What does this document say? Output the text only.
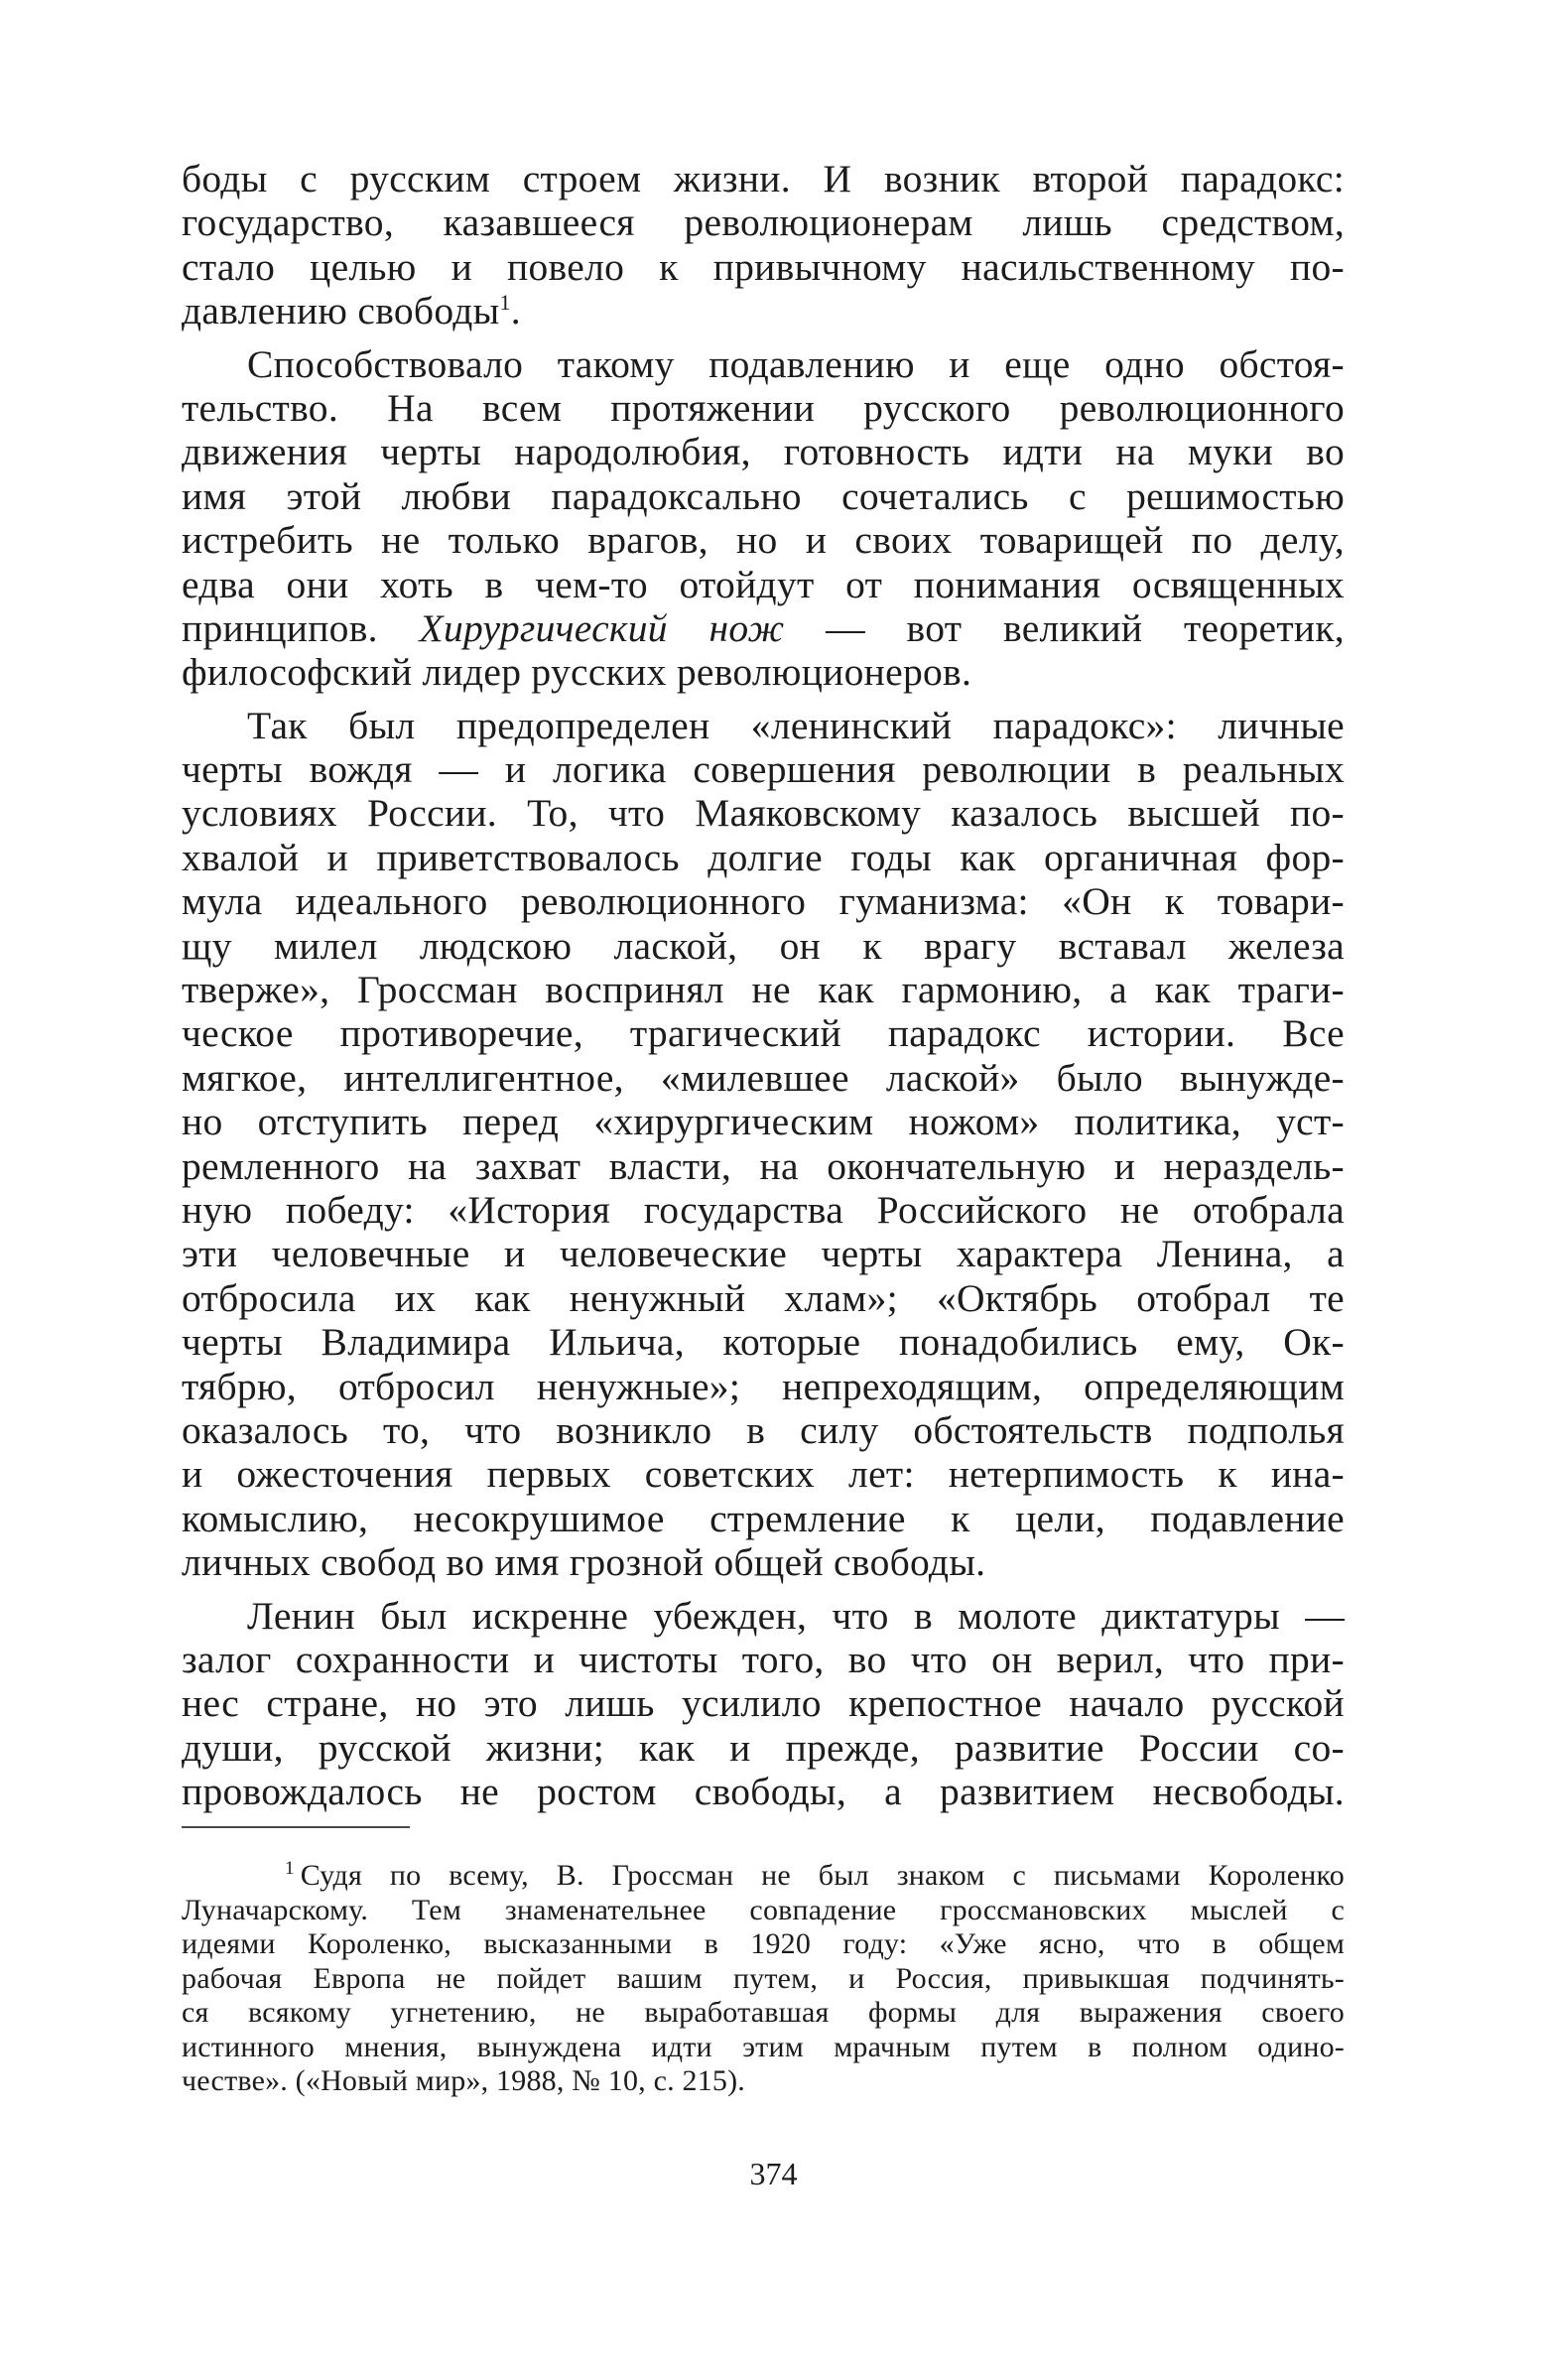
боды с русским строем жизни. И возник второй парадокс:
государство, казавшееся революционерам лишь средством,
стало целью и повело к привычному насильственному по-
давлению свободы$^1$.
Способствовало такому подавлению и еще одно обстоя-
тельство. На всем протяжении русского революционного
движения черты народолюбия, готовность идти на муки во
имя этой любви парадоксально сочетались с решимостью
истребить не только врагов, но и своих товарищей по делу,
едва они хоть в чем-то отойдут от понимания освященных
принципов. Хирургический нож — вот великий теоретик,
философский лидер русских революционеров.
Так был предопределен «ленинский парадокс»: личные
черты вождя — и логика совершения революции в реальных
условиях России. То, что Маяковскому казалось высшей по-
хвалой и приветствовалось долгие годы как органичная фор-
мула идеального революционного гуманизма: «Он к товари-
щу милел людскою лаской, он к врагу вставал железа
тверже», Гроссман воспринял не как гармонию, а как траги-
ческое противоречие, трагический парадокс истории. Все
мягкое, интеллигентное, «милевшее лаской» было вынужде-
но отступить перед «хирургическим ножом» политика, уст-
ремленного на захват власти, на окончательную и нераздель-
ную победу: «История государства Российского не отобрала
эти человечные и человеческие черты характера Ленина, а
отбросила их как ненужный хлам»; «Октябрь отобрал те
черты Владимира Ильича, которые понадобились ему, Ок-
тябрю, отбросил ненужные»; непреходящим, определяющим
оказалось то, что возникло в силу обстоятельств подполья
и ожесточения первых советских лет: нетерпимость к ина-
комыслию, несокрушимое стремление к цели, подавление
личных свобод во имя грозной общей свободы.
Ленин был искренне убежден, что в молоте диктатуры —
залог сохранности и чистоты того, во что он верил, что при-
нес стране, но это лишь усилило крепостное начало русской
души, русской жизни; как и прежде, развитие России со-
провождалось не ростом свободы, а развитием несвободы.
$^1$ Судя по всему, В. Гроссман не был знаком с письмами Короленко
Луначарскому. Тем знаменательнее совпадение гроссмановских мыслей с
идеями Короленко, высказанными в 1920 году: «Уже ясно, что в общем
рабочая Европа не пойдет вашим путем, и Россия, привыкшая подчинять-
ся всякому угнетению, не выработавшая формы для выражения своего
истинного мнения, вынуждена идти этим мрачным путем в полном одино-
честве». («Новый мир», 1988, № 10, с. 215).
374
